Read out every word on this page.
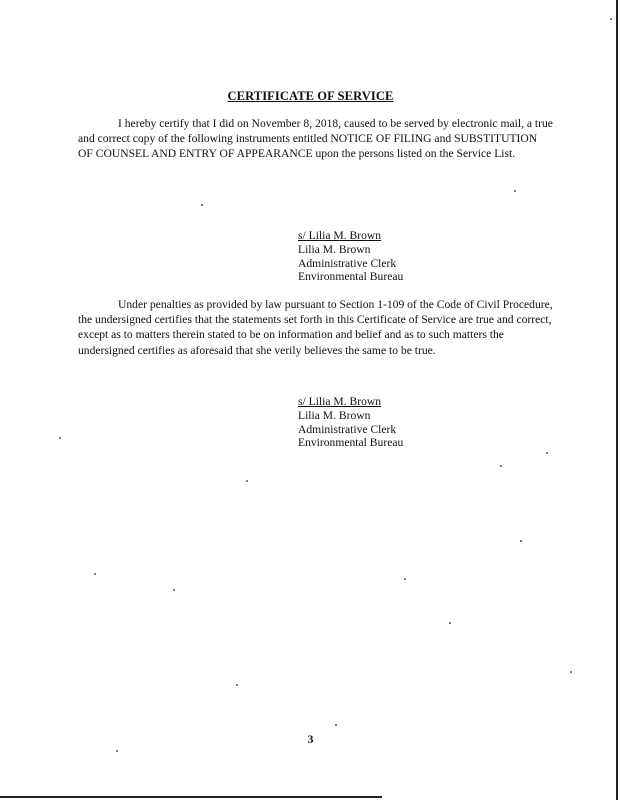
CERTIFICATE OF SERVICE
I hereby certify that I did on November 8, 2018, caused to be served by electronic mail, a true and correct copy of the following instruments entitled NOTICE OF FILING and SUBSTITUTION OF COUNSEL AND ENTRY OF APPEARANCE upon the persons listed on the Service List.
s/ Lilia M. Brown
Lilia M. Brown
Administrative Clerk
Environmental Bureau
Under penalties as provided by law pursuant to Section 1-109 of the Code of Civil Procedure, the undersigned certifies that the statements set forth in this Certificate of Service are true and correct, except as to matters therein stated to be on information and belief and as to such matters the undersigned certifies as aforesaid that she verily believes the same to be true.
s/ Lilia M. Brown
Lilia M. Brown
Administrative Clerk
Environmental Bureau
3
